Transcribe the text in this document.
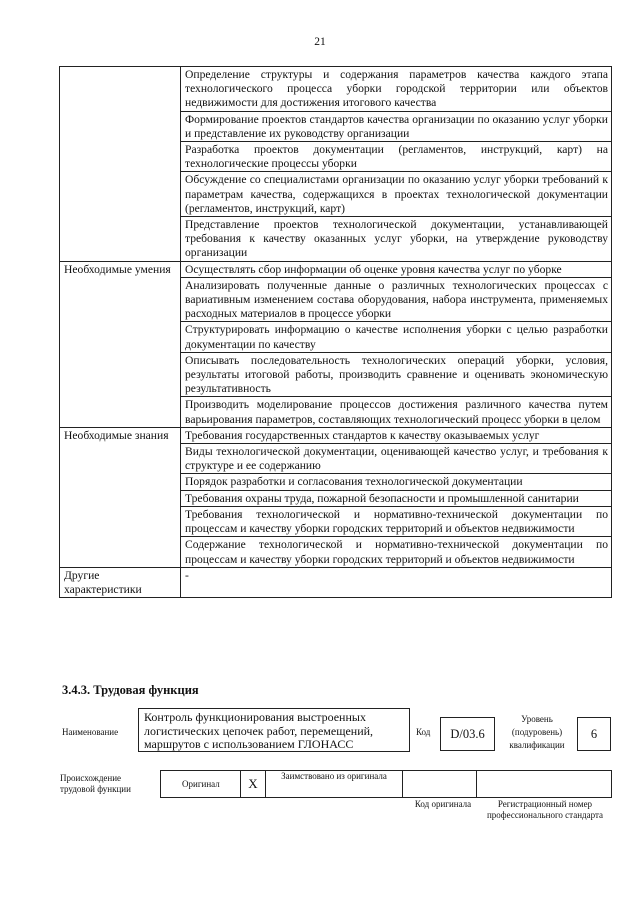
21
	Определение структуры и содержания параметров качества каждого этапа технологического процесса уборки городской территории или объектов недвижимости для достижения итогового качества
	Формирование проектов стандартов качества организации по оказанию услуг уборки и представление их руководству организации
	Разработка проектов документации (регламентов, инструкций, карт) на технологические процессы уборки
	Обсуждение со специалистами организации по оказанию услуг уборки требований к параметрам качества, содержащихся в проектах технологической документации (регламентов, инструкций, карт)
	Представление проектов технологической документации, устанавливающей требования к качеству оказанных услуг уборки, на утверждение руководству организации
Необходимые умения	Осуществлять сбор информации об оценке уровня качества услуг по уборке
	Анализировать полученные данные о различных технологических процессах с вариативным изменением состава оборудования, набора инструмента, применяемых расходных материалов в процессе уборки
	Структурировать информацию о качестве исполнения уборки с целью разработки документации по качеству
	Описывать последовательность технологических операций уборки, условия, результаты итоговой работы, производить сравнение и оценивать экономическую результативность
	Производить моделирование процессов достижения различного качества путем варьирования параметров, составляющих технологический процесс уборки в целом
Необходимые знания	Требования государственных стандартов к качеству оказываемых услуг
	Виды технологической документации, оценивающей качество услуг, и требования к структуре и ее содержанию
	Порядок разработки и согласования технологической документации
	Требования охраны труда, пожарной безопасности и промышленной санитарии
	Требования технологической и нормативно-технической документации по процессам и качеству уборки городских территорий и объектов недвижимости
	Содержание технологической и нормативно-технической документации по процессам и качеству уборки городских территорий и объектов недвижимости
Другие характеристики	-
3.4.3. Трудовая функция
Наименование
Контроль функционирования выстроенных логистических цепочек работ, перемещений, маршрутов с использованием ГЛОНАСС
Код	D/03.6
Уровень (подуровень) квалификации
6
Происхождение трудовой функции	Оригинал	X	Заимствовано из оригинала
Код оригинала	Регистрационный номер профессионального стандарта
